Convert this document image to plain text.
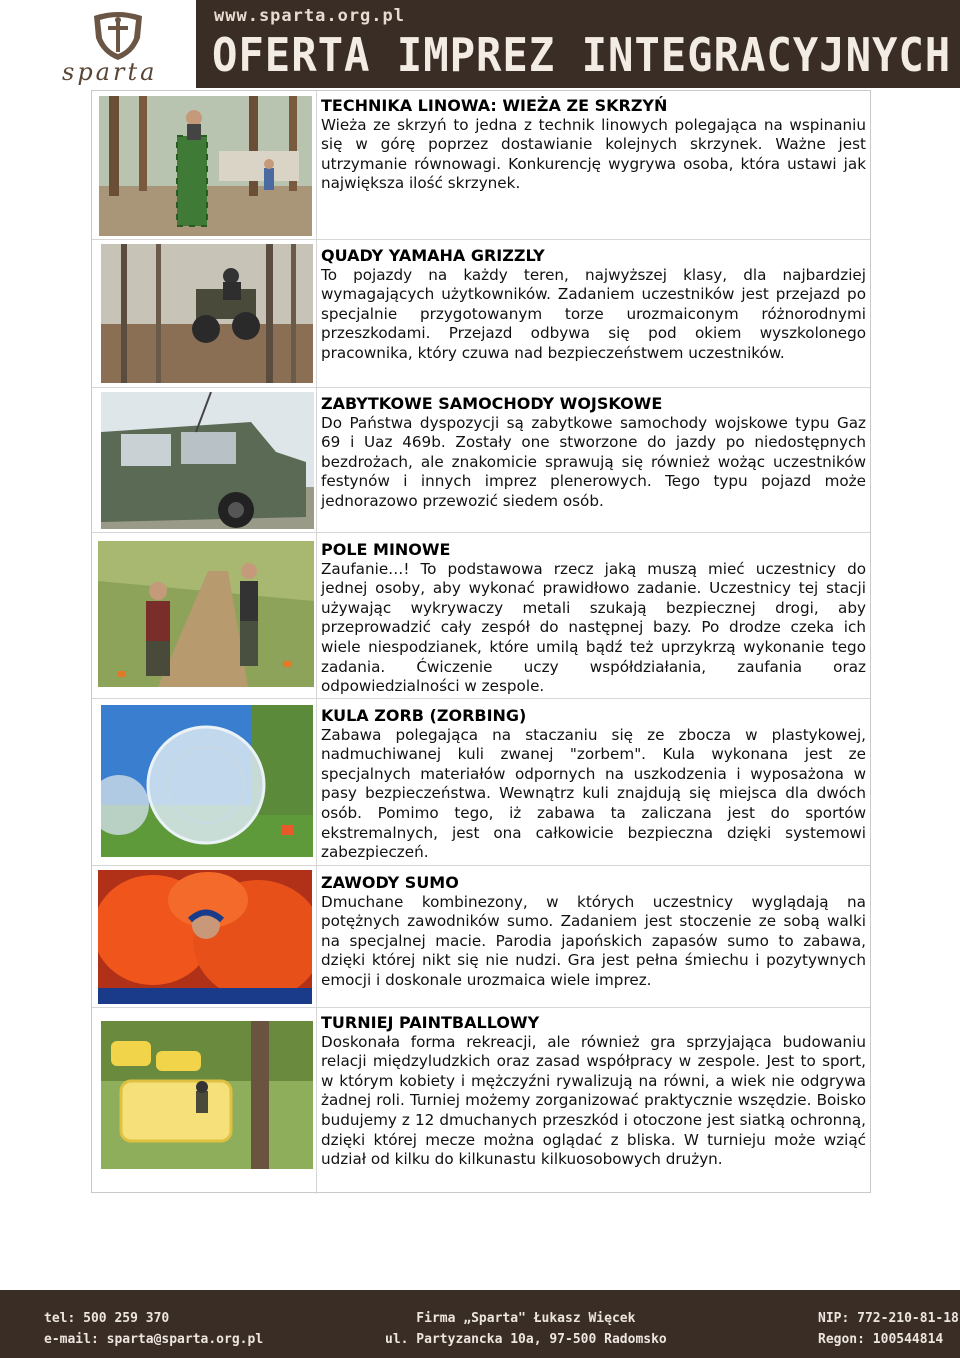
sparta
www.sparta.org.pl
OFERTA IMPREZ INTEGRACYJNYCH
TECHNIKA LINOWA: WIEŻA ZE SKRZYŃ
Wieża ze skrzyń to jedna z technik linowych polegająca na wspinaniu się w górę poprzez dostawianie kolejnych skrzynek. Ważne jest utrzymanie równowagi. Konkurencję wygrywa osoba, która ustawi jak największa ilość skrzynek.
QUADY YAMAHA GRIZZLY
To pojazdy na każdy teren, najwyższej klasy, dla najbardziej wymagających użytkowników. Zadaniem uczestników jest przejazd po specjalnie przygotowanym torze urozmaiconym różnorodnymi przeszkodami. Przejazd odbywa się pod okiem wyszkolonego pracownika, który czuwa nad bezpieczeństwem uczestników.
ZABYTKOWE SAMOCHODY WOJSKOWE
Do Państwa dyspozycji są zabytkowe samochody wojskowe typu Gaz 69 i Uaz 469b. Zostały one stworzone do jazdy po niedostępnych bezdrożach, ale znakomicie sprawują się również wożąc uczestników festynów i innych imprez plenerowych. Tego typu pojazd może jednorazowo przewozić siedem osób.
POLE MINOWE
Zaufanie…! To podstawowa rzecz jaką muszą mieć uczestnicy do jednej osoby, aby wykonać prawidłowo zadanie. Uczestnicy tej stacji używając wykrywaczy metali szukają bezpiecznej drogi, aby przeprowadzić cały zespół do następnej bazy. Po drodze czeka ich wiele niespodzianek, które umilą bądź też uprzykrzą wykonanie tego zadania. Ćwiczenie uczy współdziałania, zaufania oraz odpowiedzialności w zespole.
KULA ZORB (ZORBING)
Zabawa polegająca na staczaniu się ze zbocza w plastykowej, nadmuchiwanej kuli zwanej "zorbem". Kula wykonana jest ze specjalnych materiałów odpornych na uszkodzenia i wyposażona w pasy bezpieczeństwa. Wewnątrz kuli znajdują się miejsca dla dwóch osób. Pomimo tego, iż zabawa ta zaliczana jest do sportów ekstremalnych, jest ona całkowicie bezpieczna dzięki systemowi zabezpieczeń.
ZAWODY SUMO
Dmuchane kombinezony, w których uczestnicy wyglądają na potężnych zawodników sumo. Zadaniem jest stoczenie ze sobą walki na specjalnej macie. Parodia japońskich zapasów sumo to zabawa, dzięki której nikt się nie nudzi. Gra jest pełna śmiechu i pozytywnych emocji i doskonale urozmaica wiele imprez.
TURNIEJ PAINTBALLOWY
Doskonała forma rekreacji, ale również gra sprzyjająca budowaniu relacji międzyludzkich oraz zasad współpracy w zespole. Jest to sport, w którym kobiety i mężczyźni rywalizują na równi, a wiek nie odgrywa żadnej roli. Turniej możemy zorganizować praktycznie wszędzie. Boisko budujemy z 12 dmuchanych przeszkód i otoczone jest siatką ochronną, dzięki której mecze można oglądać z bliska. W turnieju może wziąć udział od kilku do kilkunastu kilkuosobowych drużyn.
tel: 500 259 370
e-mail: sparta@sparta.org.pl
Firma „Sparta" Łukasz Więcek
ul. Partyzancka 10a, 97-500 Radomsko
NIP: 772-210-81-18
Regon: 100544814
